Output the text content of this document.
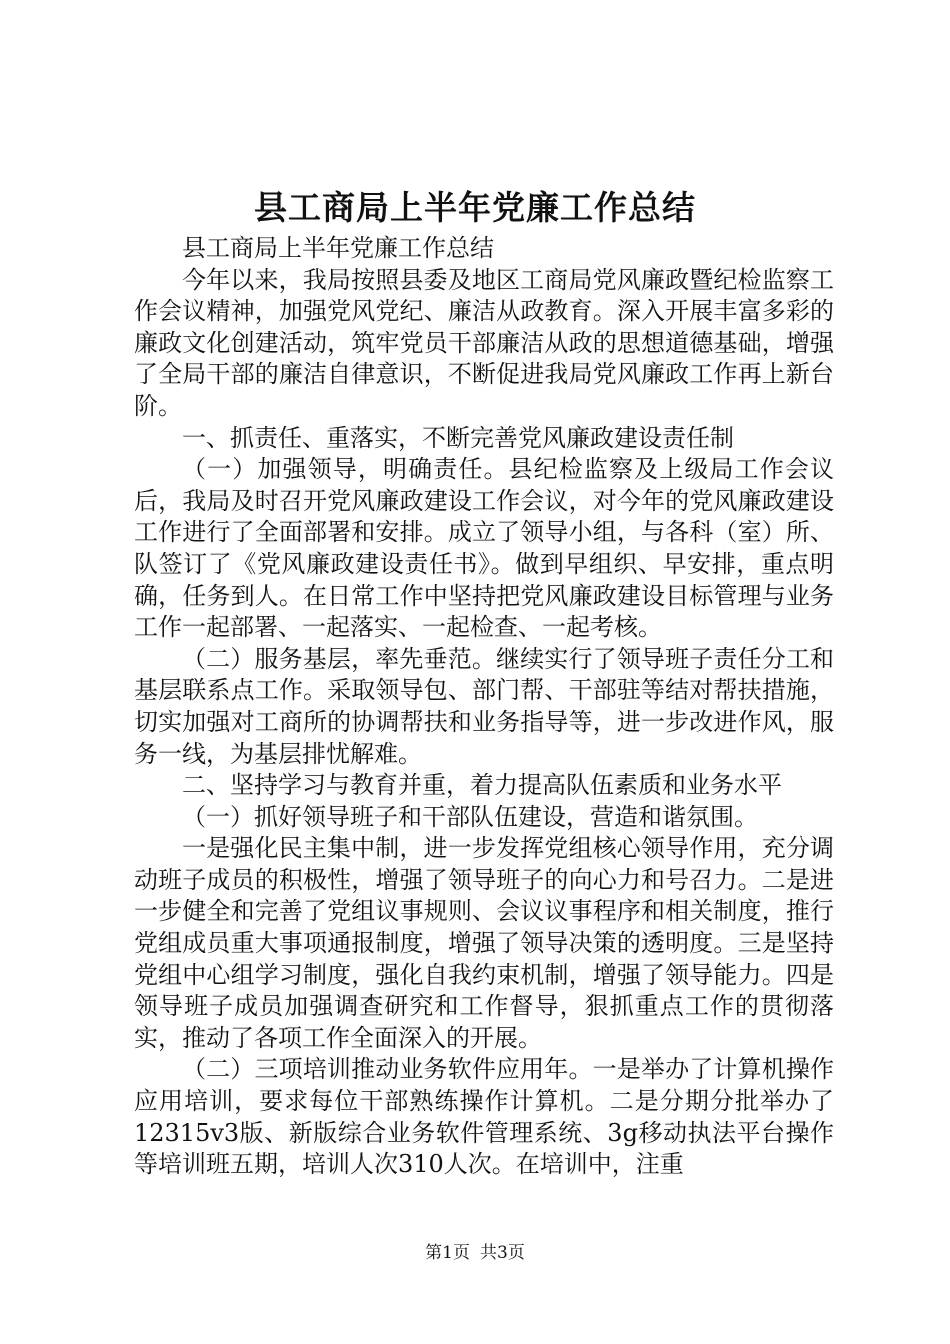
县工商局上半年党廉工作总结

县工商局上半年党廉工作总结

今年以来，我局按照县委及地区工商局党风廉政暨纪检监察工作会议精神，加强党风党纪、廉洁从政教育。深入开展丰富多彩的廉政文化创建活动，筑牢党员干部廉洁从政的思想道德基础，增强了全局干部的廉洁自律意识，不断促进我局党风廉政工作再上新台阶。

一、抓责任、重落实，不断完善党风廉政建设责任制

（一）加强领导，明确责任。县纪检监察及上级局工作会议后，我局及时召开党风廉政建设工作会议，对今年的党风廉政建设工作进行了全面部署和安排。成立了领导小组，与各科（室）所、队签订了《党风廉政建设责任书》。做到早组织、早安排，重点明确，任务到人。在日常工作中坚持把党风廉政建设目标管理与业务工作一起部署、一起落实、一起检查、一起考核。

（二）服务基层，率先垂范。继续实行了领导班子责任分工和基层联系点工作。采取领导包、部门帮、干部驻等结对帮扶措施，切实加强对工商所的协调帮扶和业务指导等，进一步改进作风，服务一线，为基层排忧解难。

二、坚持学习与教育并重，着力提高队伍素质和业务水平

（一）抓好领导班子和干部队伍建设，营造和谐氛围。

一是强化民主集中制，进一步发挥党组核心领导作用，充分调动班子成员的积极性，增强了领导班子的向心力和号召力。二是进一步健全和完善了党组议事规则、会议议事程序和相关制度，推行党组成员重大事项通报制度，增强了领导决策的透明度。三是坚持党组中心组学习制度，强化自我约束机制，增强了领导能力。四是领导班子成员加强调查研究和工作督导，狠抓重点工作的贯彻落实，推动了各项工作全面深入的开展。

（二）三项培训推动业务软件应用年。一是举办了计算机操作应用培训，要求每位干部熟练操作计算机。二是分期分批举办了12315v3版、新版综合业务软件管理系统、3g移动执法平台操作等培训班五期，培训人次310人次。在培训中，注重

第1页 共3页
